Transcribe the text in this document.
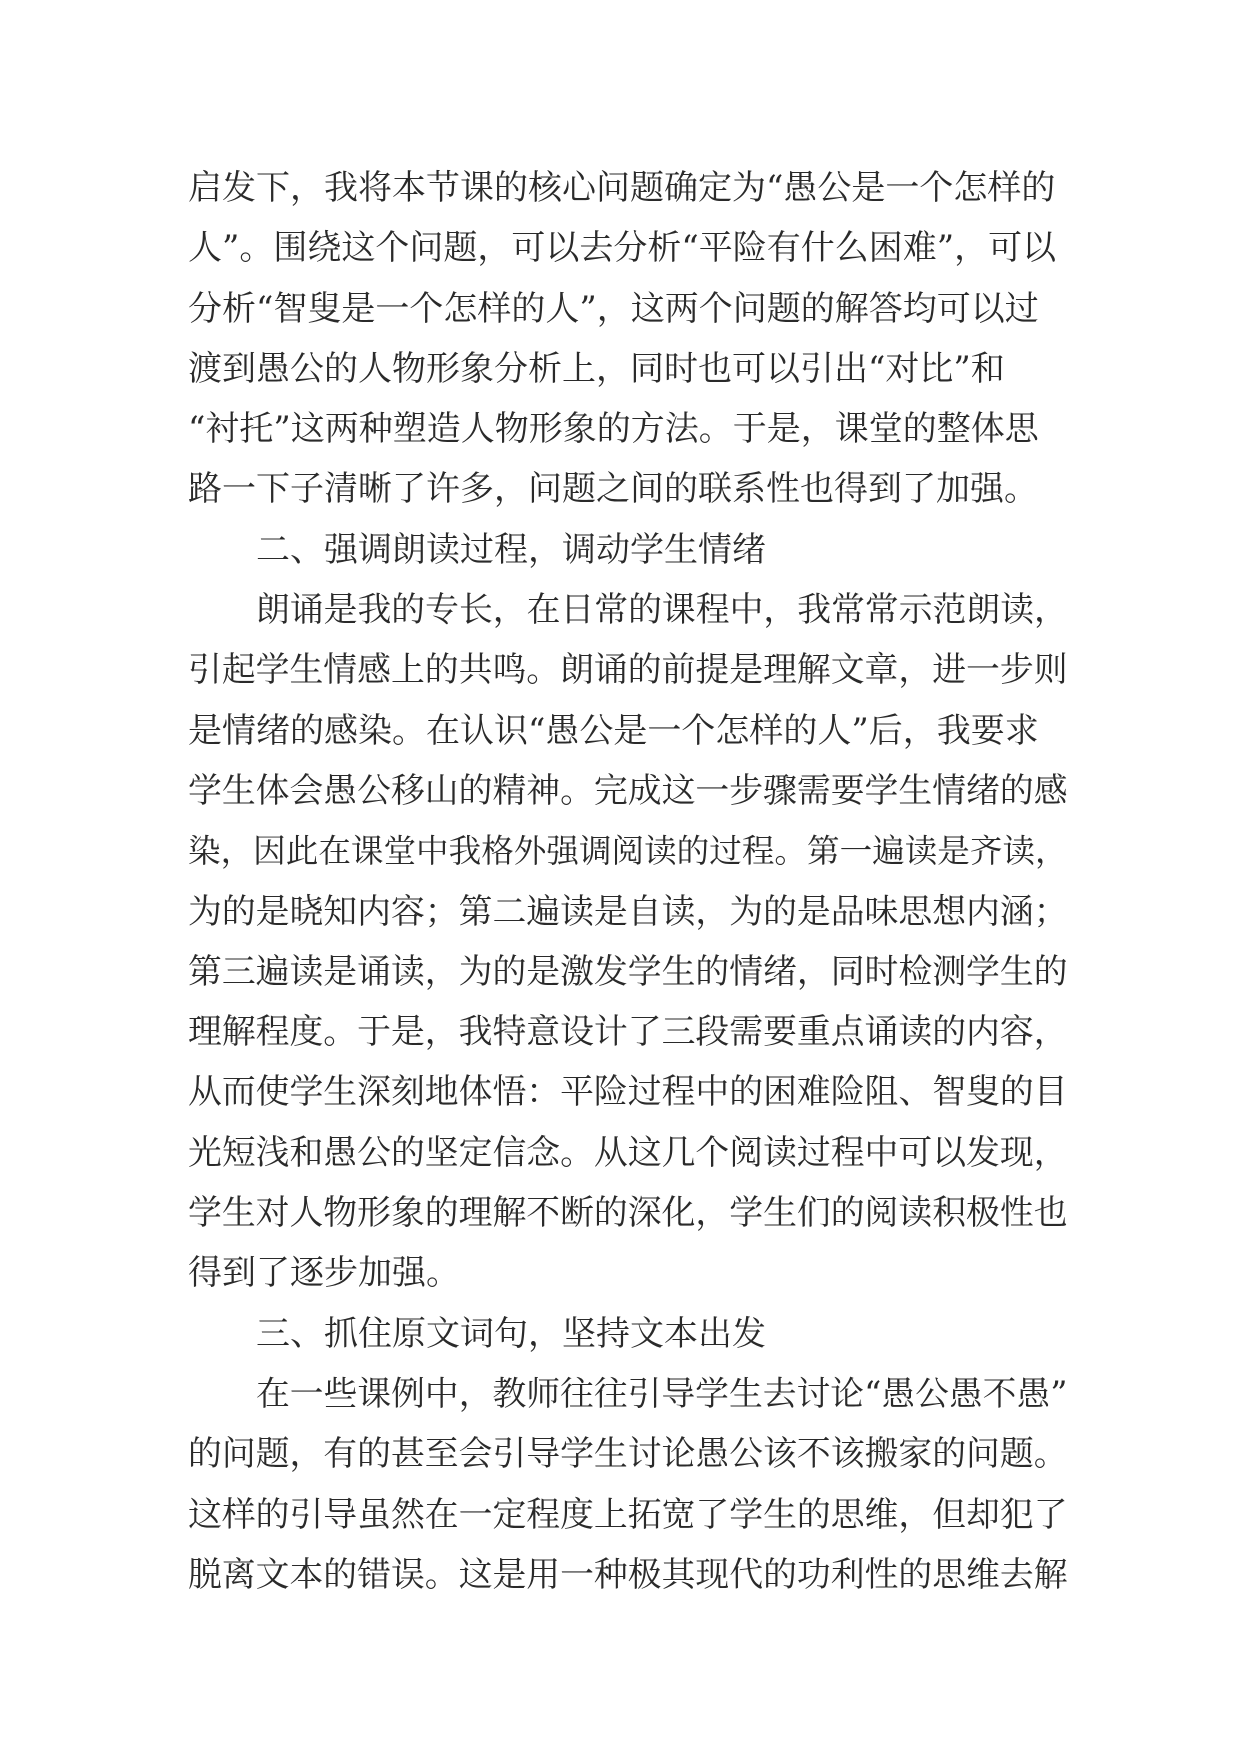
启发下，我将本节课的核心问题确定为“愚公是一个怎样的
人”。围绕这个问题，可以去分析“平险有什么困难”，可以
分析“智叟是一个怎样的人”，这两个问题的解答均可以过
渡到愚公的人物形象分析上，同时也可以引出“对比”和
“衬托”这两种塑造人物形象的方法。于是，课堂的整体思
路一下子清晰了许多，问题之间的联系性也得到了加强。
二、强调朗读过程，调动学生情绪
朗诵是我的专长，在日常的课程中，我常常示范朗读，
引起学生情感上的共鸣。朗诵的前提是理解文章，进一步则
是情绪的感染。在认识“愚公是一个怎样的人”后，我要求
学生体会愚公移山的精神。完成这一步骤需要学生情绪的感
染，因此在课堂中我格外强调阅读的过程。第一遍读是齐读，
为的是晓知内容；第二遍读是自读，为的是品味思想内涵；
第三遍读是诵读，为的是激发学生的情绪，同时检测学生的
理解程度。于是，我特意设计了三段需要重点诵读的内容，
从而使学生深刻地体悟：平险过程中的困难险阻、智叟的目
光短浅和愚公的坚定信念。从这几个阅读过程中可以发现，
学生对人物形象的理解不断的深化，学生们的阅读积极性也
得到了逐步加强。
三、抓住原文词句，坚持文本出发
在一些课例中，教师往往引导学生去讨论“愚公愚不愚”
的问题，有的甚至会引导学生讨论愚公该不该搬家的问题。
这样的引导虽然在一定程度上拓宽了学生的思维，但却犯了
脱离文本的错误。这是用一种极其现代的功利性的思维去解
